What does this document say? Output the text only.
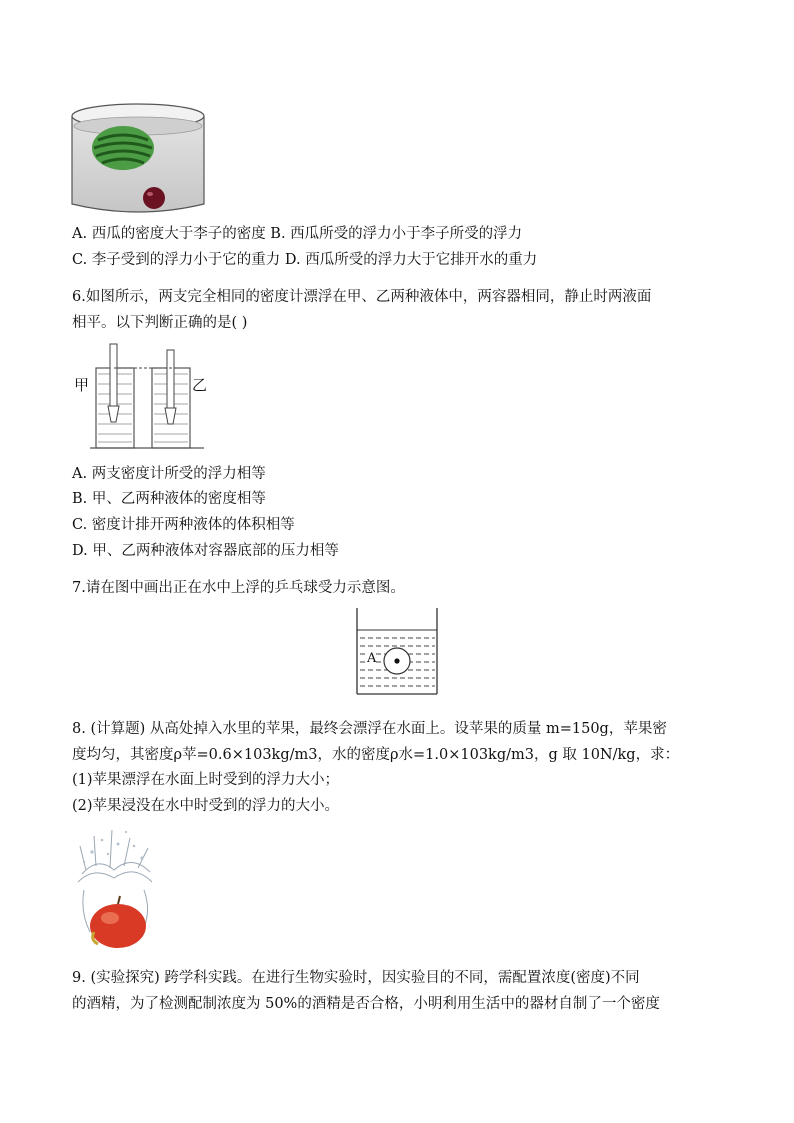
A. 西瓜的密度大于李子的密度 B. 西瓜所受的浮力小于李子所受的浮力
C. 李子受到的浮力小于它的重力 D. 西瓜所受的浮力大于它排开水的重力
6.如图所示，两支完全相同的密度计漂浮在甲、乙两种液体中，两容器相同，静止时两液面
相平。以下判断正确的是( )
甲	乙
A. 两支密度计所受的浮力相等
B. 甲、乙两种液体的密度相等
C. 密度计排开两种液体的体积相等
D. 甲、乙两种液体对容器底部的压力相等
7.请在图中画出正在水中上浮的乒乓球受力示意图。
A
8. (计算题) 从高处掉入水里的苹果，最终会漂浮在水面上。设苹果的质量 m=150g，苹果密
度均匀，其密度ρ苹=0.6×103kg/m3，水的密度ρ水=1.0×103kg/m3，g 取 10N/kg，求：
(1)苹果漂浮在水面上时受到的浮力大小；
(2)苹果浸没在水中时受到的浮力的大小。
9. (实验探究) 跨学科实践。在进行生物实验时，因实验目的不同，需配置浓度(密度)不同
的酒精，为了检测配制浓度为 50%的酒精是否合格，小明利用生活中的器材自制了一个密度
